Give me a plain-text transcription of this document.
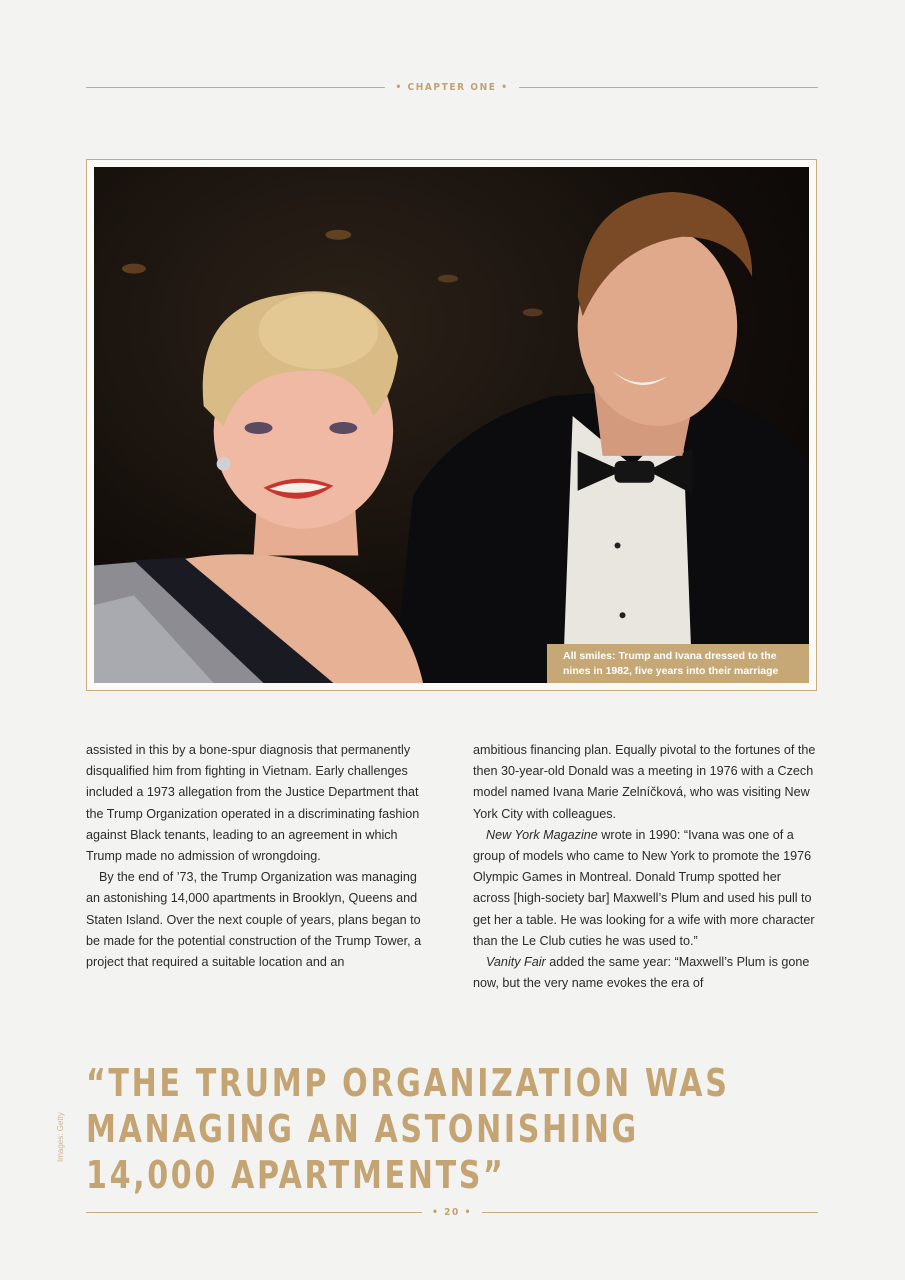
• CHAPTER ONE •
All smiles: Trump and Ivana dressed to the nines in 1982, five years into their marriage

assisted in this by a bone-spur diagnosis that permanently disqualified him from fighting in Vietnam. Early challenges included a 1973 allegation from the Justice Department that the Trump Organization operated in a discriminating fashion against Black tenants, leading to an agreement in which Trump made no admission of wrongdoing.

By the end of ’73, the Trump Organization was managing an astonishing 14,000 apartments in Brooklyn, Queens and Staten Island. Over the next couple of years, plans began to be made for the potential construction of the Trump Tower, a project that required a suitable location and an

ambitious financing plan. Equally pivotal to the fortunes of the then 30-year-old Donald was a meeting in 1976 with a Czech model named Ivana Marie Zelníčková, who was visiting New York City with colleagues.

New York Magazine wrote in 1990: “Ivana was one of a group of models who came to New York to promote the 1976 Olympic Games in Montreal. Donald Trump spotted her across [high-society bar] Maxwell’s Plum and used his pull to get her a table. He was looking for a wife with more character than the Le Club cuties he was used to.”

Vanity Fair added the same year: “Maxwell’s Plum is gone now, but the very name evokes the era of

Images: Getty
“THE TRUMP ORGANIZATION WAS MANAGING AN ASTONISHING 14,000 APARTMENTS”
• 20 •
